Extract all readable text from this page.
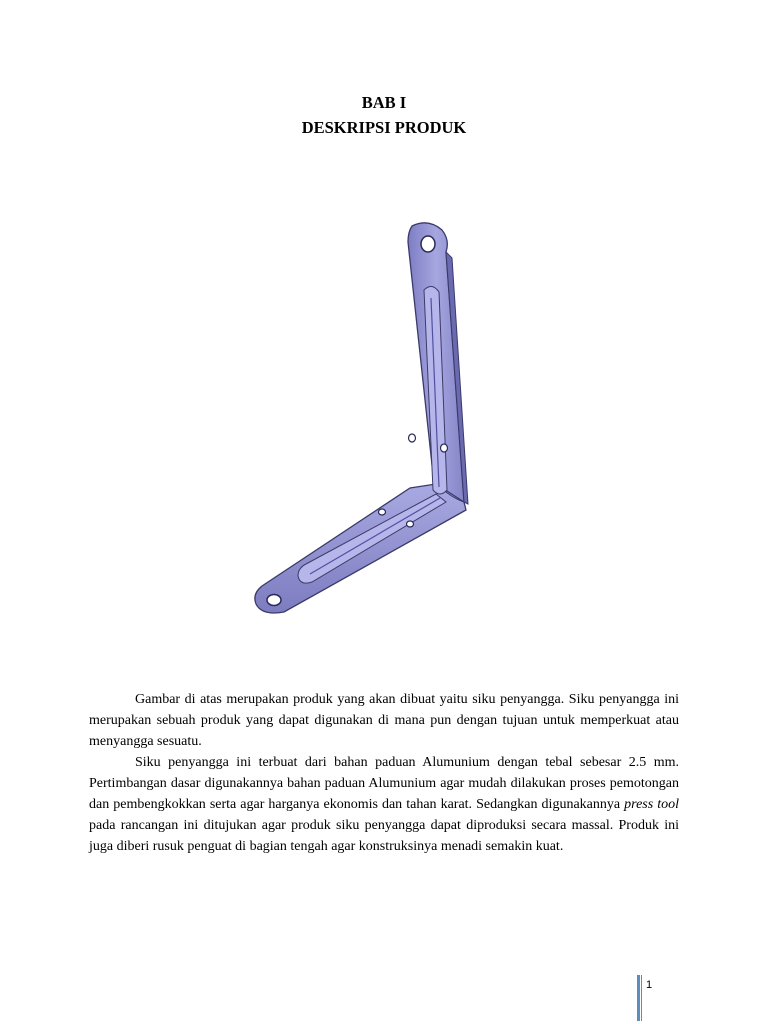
BAB I
DESKRIPSI PRODUK

Gambar di atas merupakan produk yang akan dibuat yaitu siku penyangga. Siku penyangga ini merupakan sebuah produk yang dapat digunakan di mana pun dengan tujuan untuk memperkuat atau menyangga sesuatu.

Siku penyangga ini terbuat dari bahan paduan Alumunium dengan tebal sebesar 2.5 mm. Pertimbangan dasar digunakannya bahan paduan Alumunium agar mudah dilakukan proses pemotongan dan pembengkokkan serta agar harganya ekonomis dan tahan karat. Sedangkan digunakannya press tool pada rancangan ini ditujukan agar produk siku penyangga dapat diproduksi secara massal. Produk ini juga diberi rusuk penguat di bagian tengah agar konstruksinya menadi semakin kuat.

1
